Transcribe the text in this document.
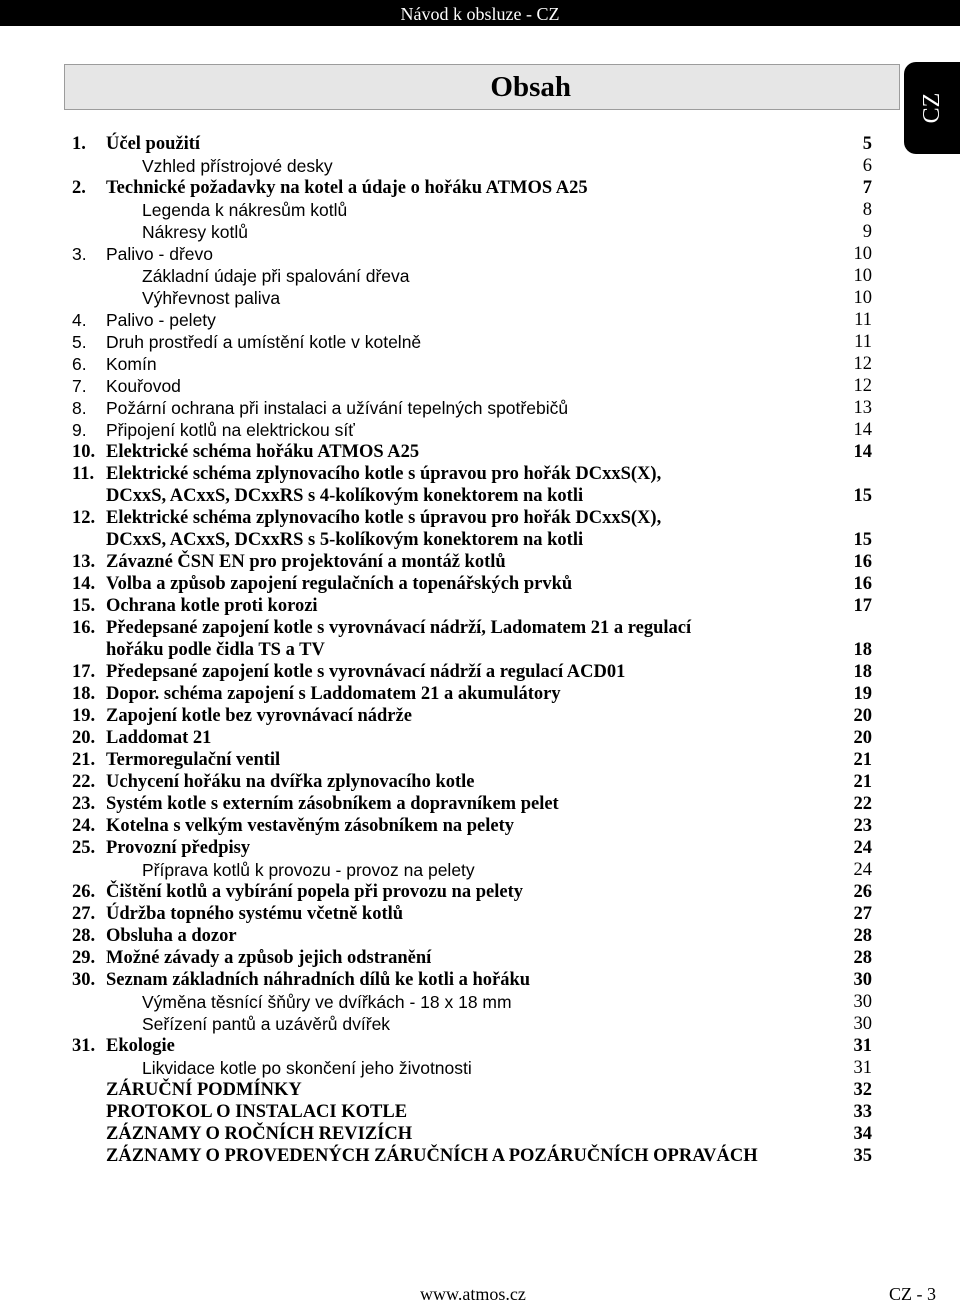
Návod k obsluze - CZ
Obsah
CZ
1. Účel použití	5
Vzhled přístrojové desky	6
2. Technické požadavky na kotel a údaje o hořáku ATMOS A25	7
Legenda k nákresům kotlů	8
Nákresy kotlů	9
3. Palivo - dřevo	10
Základní údaje při spalování dřeva	10
Výhřevnost paliva	10
4. Palivo - pelety	11
5. Druh prostředí a umístění kotle v kotelně	11
6. Komín	12
7. Kouřovod	12
8. Požární ochrana při instalaci a užívání tepelných spotřebičů	13
9. Připojení kotlů na elektrickou síť	14
10. Elektrické schéma hořáku ATMOS A25	14
11. Elektrické schéma zplynovacího kotle s úpravou pro hořák DCxxS(X),
DCxxS, ACxxS, DCxxRS s 4-kolíkovým konektorem na kotli	15
12. Elektrické schéma zplynovacího kotle s úpravou pro hořák DCxxS(X),
DCxxS, ACxxS, DCxxRS s 5-kolíkovým konektorem na kotli	15
13. Závazné ČSN EN pro projektování a montáž kotlů	16
14. Volba a způsob zapojení regulačních a topenářských prvků	16
15. Ochrana kotle proti korozi	17
16. Předepsané zapojení kotle s vyrovnávací nádrží, Ladomatem 21 a regulací
hořáku podle čidla TS a TV	18
17. Předepsané zapojení kotle s vyrovnávací nádrží a regulací ACD01	18
18. Dopor. schéma zapojení s Laddomatem 21 a akumulátory	19
19. Zapojení kotle bez vyrovnávací nádrže	20
20. Laddomat 21	20
21. Termoregulační ventil	21
22. Uchycení hořáku na dvířka zplynovacího kotle	21
23. Systém kotle s externím zásobníkem a dopravníkem pelet	22
24. Kotelna s velkým vestavěným zásobníkem na pelety	23
25. Provozní předpisy	24
Příprava kotlů k provozu - provoz na pelety	24
26. Čištění kotlů a vybírání popela při provozu na pelety	26
27. Údržba topného systému včetně kotlů	27
28. Obsluha a dozor	28
29. Možné závady a způsob jejich odstranění	28
30. Seznam základních náhradních dílů ke kotli a hořáku	30
Výměna těsnící šňůry ve dvířkách - 18 x 18 mm	30
Seřízení pantů a uzávěrů dvířek	30
31. Ekologie	31
Likvidace kotle po skončení jeho životnosti	31
ZÁRUČNÍ PODMÍNKY	32
PROTOKOL O INSTALACI KOTLE	33
ZÁZNAMY O ROČNÍCH REVIZÍCH	34
ZÁZNAMY O PROVEDENÝCH ZÁRUČNÍCH A POZÁRUČNÍCH OPRAVÁCH	35
www.atmos.cz	CZ - 3
